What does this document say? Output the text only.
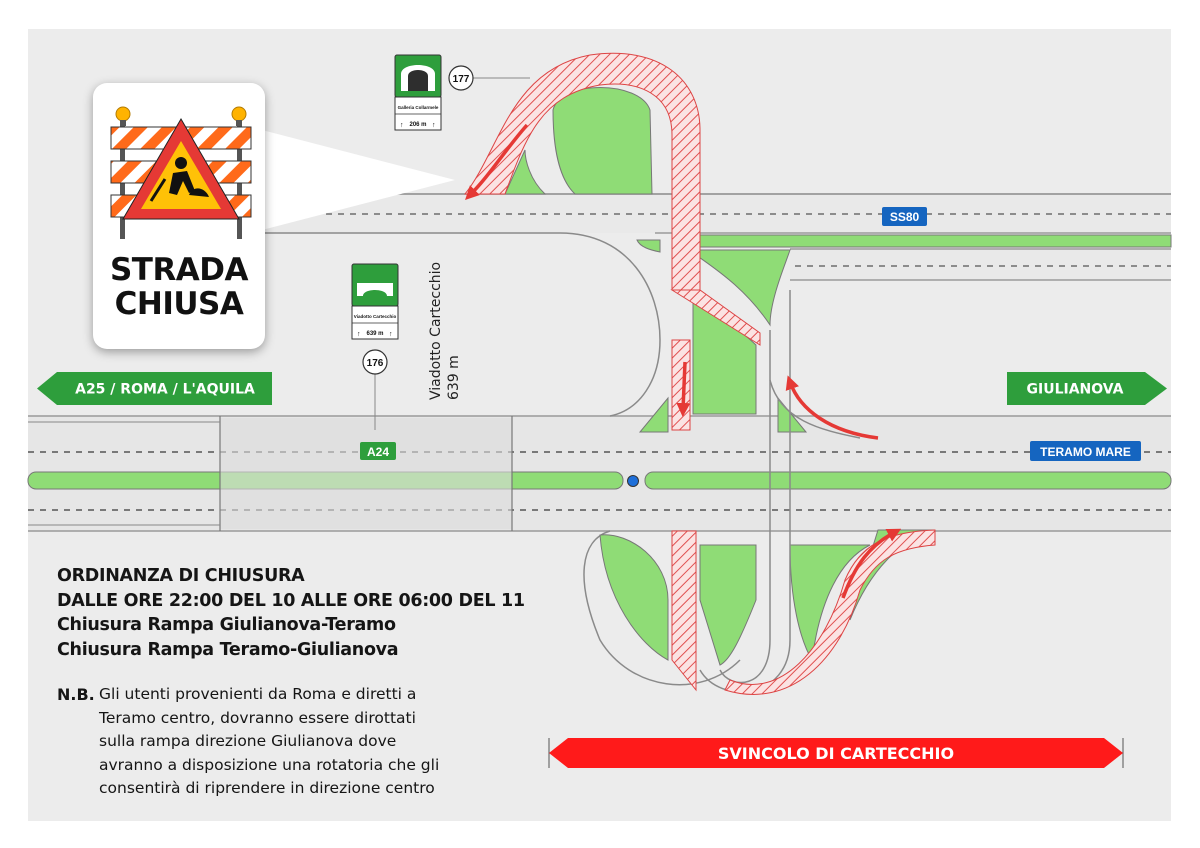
SS80
A24	TERAMO MARE
A25 / ROMA / L'AQUILA	GIULIANOVA
Galleria Collarmele
206 m
↑	↑
177
Viadotto Cartecchio
639 m
↑	↑
176	Viadotto Cartecchio 639 m
SVINCOLO DI CARTECCHIO
STRADA
CHIUSA
ORDINANZA DI CHIUSURA
DALLE ORE 22:00 DEL 10 ALLE ORE 06:00 DEL 11
Chiusura Rampa Giulianova-Teramo
Chiusura Rampa Teramo-Giulianova
N.B. Gli utenti provenienti da Roma e diretti a
Teramo centro, dovranno essere dirottati
sulla rampa direzione Giulianova dove
avranno a disposizione una rotatoria che gli
consentirà di riprendere in direzione centro
